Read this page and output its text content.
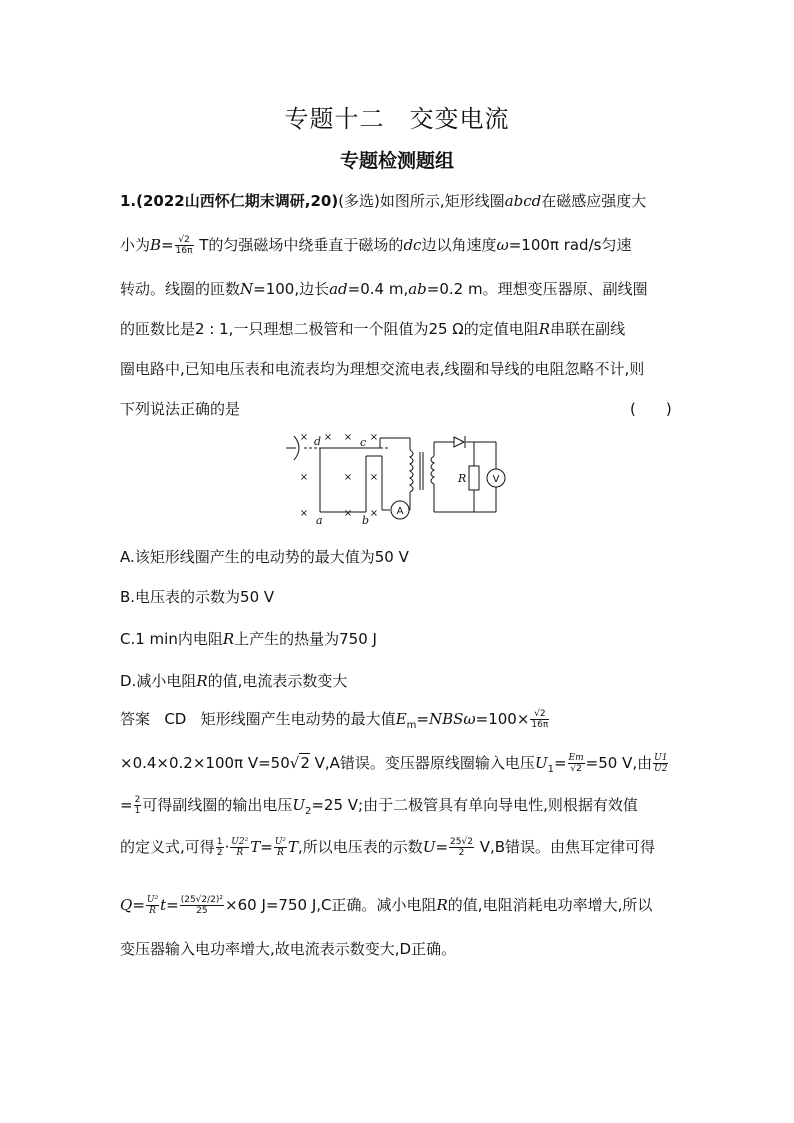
专题十二　交变电流
专题检测题组
1.(2022山西怀仁期末调研,20)(多选)如图所示,矩形线圈abcd在磁感应强度大
小为$B= \frac{√2}{16\pi}$ T的匀强磁场中绕垂直于磁场的dc边以角速度ω=100π rad/s匀速
转动。线圈的匝数N=100,边长ad=0.4 m,ab=0.2 m。理想变压器原、副线圈
的匝数比是2 : 1,一只理想二极管和一个阻值为25 Ω的定值电阻R串联在副线
圈电路中,已知电压表和电流表均为理想交流电表,线圈和导线的电阻忽略不计,则
下列说法正确的是	(　　)
d	c
a	b
R	V
A
× × × ×
×	× ×
×	× ×
A.该矩形线圈产生的电动势的最大值为50 V
B.电压表的示数为50 V
C.1 min内电阻R上产生的热量为750 J
D.减小电阻R的值,电流表示数变大
答案 CD 矩形线圈产生电动势的最大值$E_m=NBS\omega=100\times \frac{√2}{16\pi}$
×0.4×0.2×100π V=50√2 V,A错误。变压器原线圈输入电压$U_1= \frac{Em}{√2} =50$ V,由 $\frac{U1}{U2}$
= $\frac{2}{1}$ 可得副线圈的输出电压$U_2=25$ V;由于二极管具有单向导电性,则根据有效值
的定义式,可得 $\frac{1}{2} \cdot \frac{\text{U2²}}{R} T= \frac{\text{U²}}{R} T$,所以电压表的示数$U= \frac{25√2}{2} V,B$错误。由焦耳定律可得
$Q= \frac{\text{U²}}{R} t= \frac{\text{(25√2/2)²}}{25} \times 60$ J=750 J,C正确。减小电阻R的值,电阻消耗电功率增大,所以
变压器输入电功率增大,故电流表示数变大,D正确。
